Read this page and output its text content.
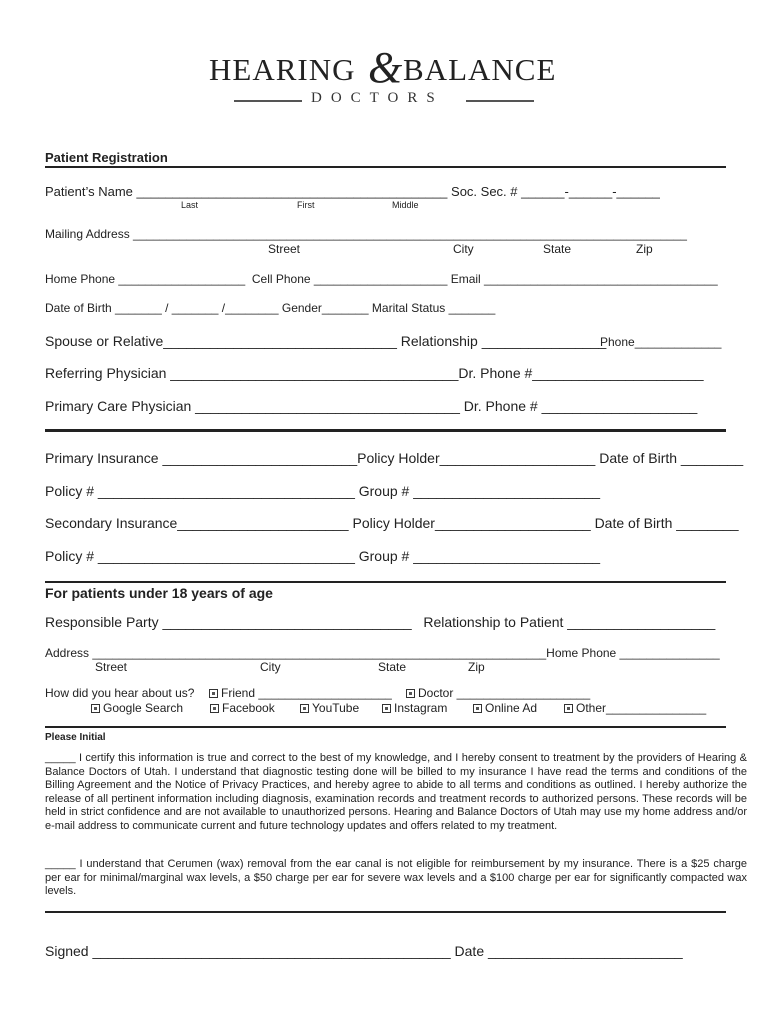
HEARING & BALANCE
DOCTORS
Patient Registration
Patient’s Name ___________________________________________ Soc. Sec. # ______-______-______
Last	First	Middle
Mailing Address ___________________________________________________________________________________
Street	City	State	Zip
Home Phone ___________________  Cell Phone ____________________ Email ___________________________________
Date of Birth _______ / _______ /________ Gender_______ Marital Status _______
Spouse or Relative______________________________ Relationship ________________
Phone_____________
Referring Physician _____________________________________Dr. Phone #______________________
Primary Care Physician __________________________________ Dr. Phone # ____________________
Primary Insurance _________________________Policy Holder____________________ Date of Birth ________
Policy # _________________________________ Group # ________________________
Secondary Insurance______________________ Policy Holder____________________ Date of Birth ________
Policy # _________________________________ Group # ________________________
For patients under 18 years of age
Responsible Party ________________________________   Relationship to Patient ___________________
Address ____________________________________________________________________Home Phone _______________
Street	City	State	Zip
How did you hear about us?	Friend ____________________	Doctor ____________________
Google Search	Facebook	YouTube	Instagram	Online Ad	Other_______________
Please Initial
_____ I certify this information is true and correct to the best of my knowledge, and I hereby consent to treatment by the providers of Hearing & Balance Doctors of Utah. I understand that diagnostic testing done will be billed to my insurance I have read the terms and conditions of the Billing Agreement and the Notice of Privacy Practices, and hereby agree to abide to all terms and conditions as outlined. I hereby authorize the release of all pertinent information including diagnosis, examination records and treatment records to authorized persons. These records will be held in strict confidence and are not available to unauthorized persons. Hearing and Balance Doctors of Utah may use my home address and/or e-mail address to communicate current and future technology updates and offers related to my treatment.
_____ I understand that Cerumen (wax) removal from the ear canal is not eligible for reimbursement by my insurance. There is a $25 charge per ear for minimal/marginal wax levels, a $50 charge per ear for severe wax levels and a $100 charge per ear for significantly compacted wax levels.
Signed ______________________________________________ Date _________________________
